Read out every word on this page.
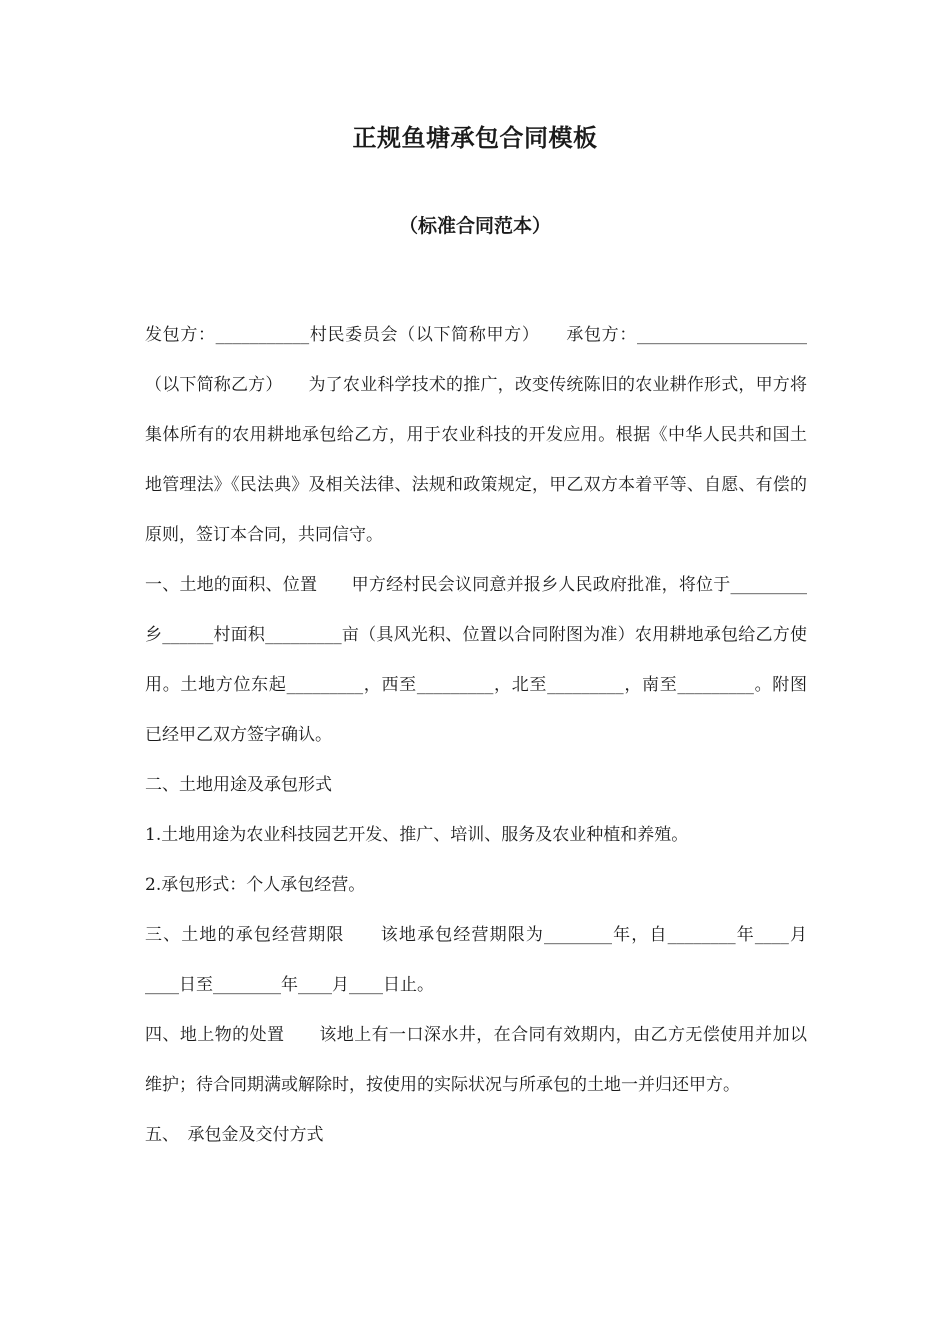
正规鱼塘承包合同模板
（标准合同范本）

发包方：___________村民委员会（以下简称甲方）　　承包方：____________________（以下简称乙方）　　为了农业科学技术的推广，改变传统陈旧的农业耕作形式，甲方将集体所有的农用耕地承包给乙方，用于农业科技的开发应用。根据《中华人民共和国土地管理法》《民法典》及相关法律、法规和政策规定，甲乙双方本着平等、自愿、有偿的原则，签订本合同，共同信守。

一、土地的面积、位置　　甲方经村民会议同意并报乡人民政府批准，将位于_________乡______村面积_________亩（具风光积、位置以合同附图为准）农用耕地承包给乙方使用。土地方位东起_________，西至_________，北至_________，南至_________。附图已经甲乙双方签字确认。

二、土地用途及承包形式

1.土地用途为农业科技园艺开发、推广、培训、服务及农业种植和养殖。

2.承包形式：个人承包经营。

三、土地的承包经营期限　　该地承包经营期限为________年，自________年____月____日至________年____月____日止。

四、地上物的处置　　该地上有一口深水井，在合同有效期内，由乙方无偿使用并加以维护；待合同期满或解除时，按使用的实际状况与所承包的土地一并归还甲方。

五、　承包金及交付方式
